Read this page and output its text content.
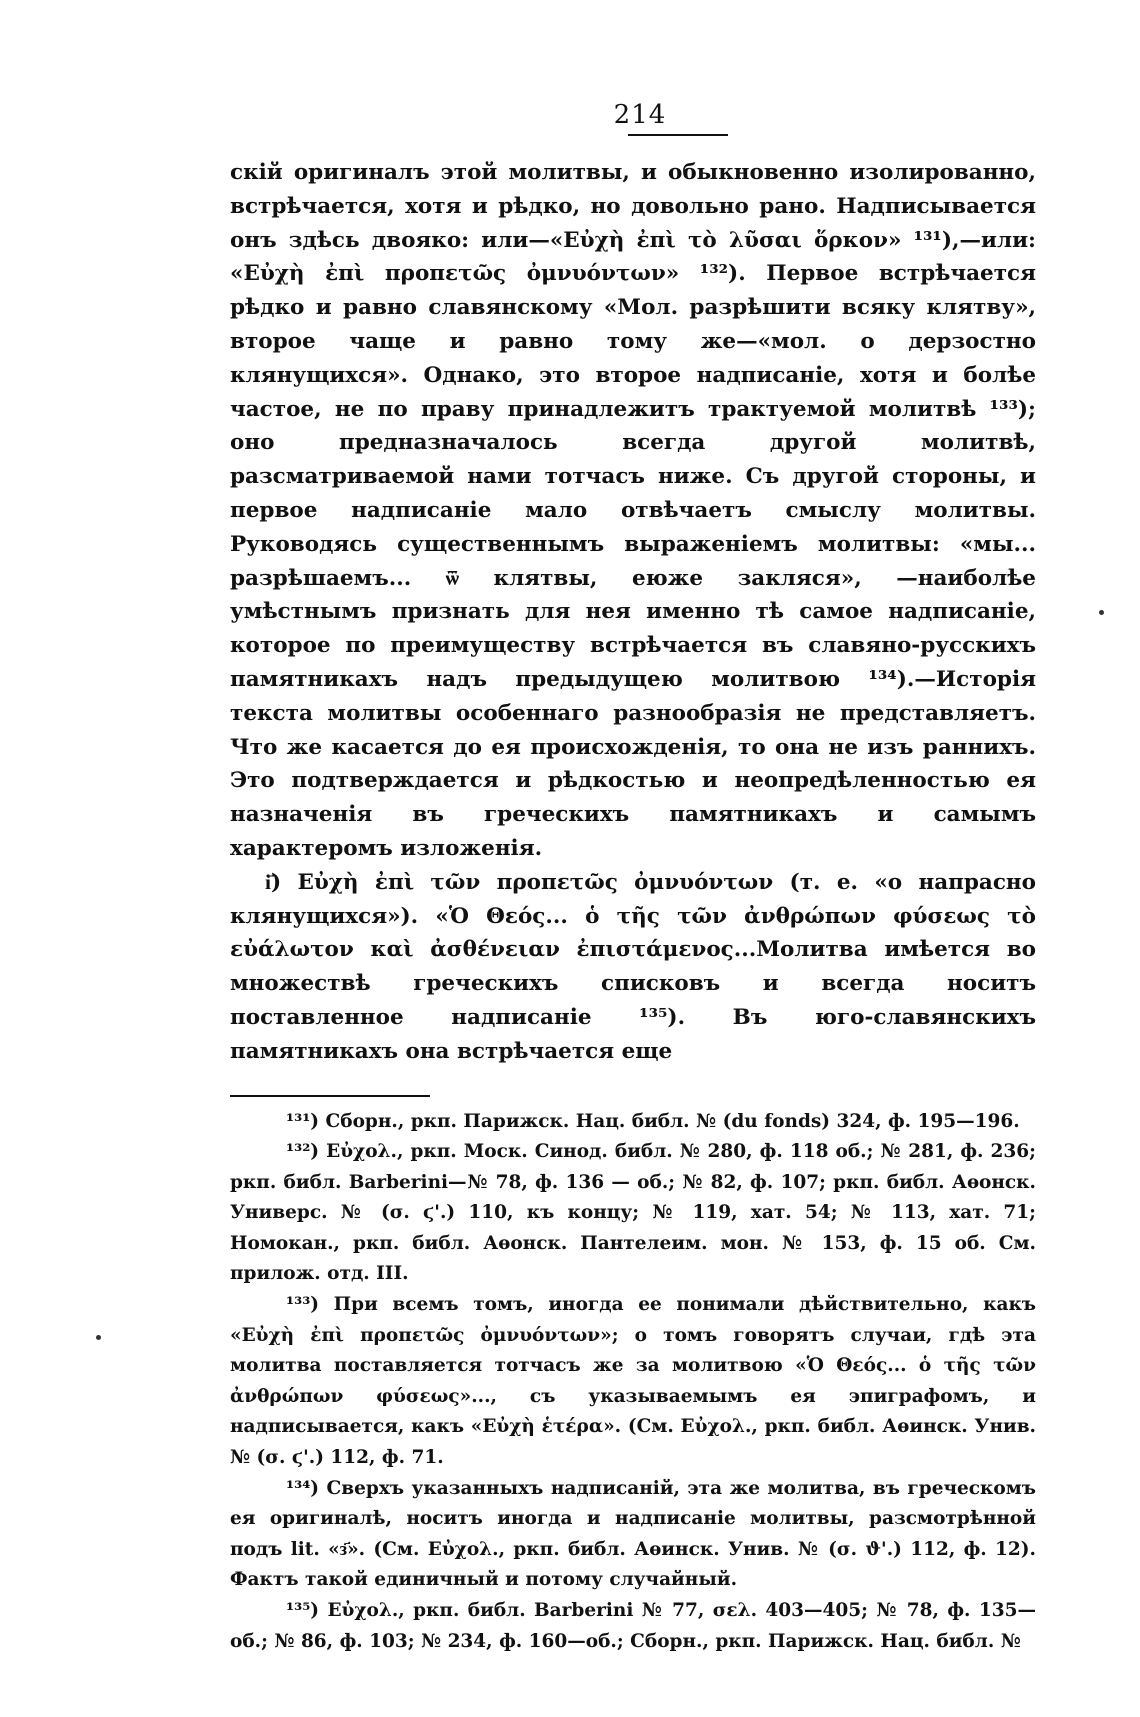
214

скій оригиналъ этой молитвы, и обыкновенно изолированно, встрѣчается, хотя и рѣдко, но довольно рано. Надписывается онъ здѣсь двояко: или—«Εὐχὴ ἐπὶ τὸ λῦσαι ὅρκον» ¹³¹),—или: «Εὐχὴ ἐπὶ προπετῶς ὀμνυόντων» ¹³²). Первое встрѣчается рѣдко и равно славянскому «Мол. разрѣшити всяку клятву», второе чаще и равно тому же—«мол. о дерзостно клянущихся». Однако, это второе надписаніе, хотя и болѣе частое, не по праву принадлежитъ трактуемой молитвѣ ¹³³); оно предназначалось всегда другой молитвѣ, разсматриваемой нами тотчасъ ниже. Съ другой стороны, и первое надписаніе мало отвѣчаетъ смыслу молитвы. Руководясь существеннымъ выраженіемъ молитвы: «мы... разрѣшаемъ... ѿ клятвы, еюже закляся», —наиболѣе умѣстнымъ признать для нея именно тѣ самое надписаніе, которое по преимуществу встрѣчается въ славяно-русскихъ памятникахъ надъ предыдущею молитвою ¹³⁴).—Исторія текста молитвы особеннаго разнообразія не представляетъ. Что же касается до ея происхожденія, то она не изъ раннихъ. Это подтверждается и рѣдкостью и неопредѣленностью ея назначенія въ греческихъ памятникахъ и самымъ характеромъ изложенія.

і҃) Εὐχὴ ἐπὶ τῶν προπετῶς ὀμνυόντων (т. е. «о напрасно клянущихся»). «Ὁ Θεός... ὁ τῆς τῶν ἀνθρώπων φύσεως τὸ εὐάλωτον καὶ ἀσθένειαν ἐπιστάμενος...Молитва имѣется во множествѣ греческихъ списковъ и всегда носитъ поставленное надписаніе ¹³⁵). Въ юго-славянскихъ памятникахъ она встрѣчается еще

¹³¹) Сборн., ркп. Парижск. Нац. библ. № (du fonds) 324, ф. 195—196.

¹³²) Εὐχολ., ркп. Моск. Синод. библ. № 280, ф. 118 об.; № 281, ф. 236; ркп. библ. Barberini—№ 78, ф. 136 — об.; № 82, ф. 107; ркп. библ. Аѳонск. Универс. № (σ. ϛ'.) 110, къ концу; № 119, хат. 54; № 113, хат. 71; Номокан., ркп. библ. Аѳонск. Пантелеим. мон. № 153, ф. 15 об. См. прилож. отд. III.

¹³³) При всемъ томъ, иногда ее понимали дѣйствительно, какъ «Εὐχὴ ἐπὶ προπετῶς ὀμνυόντων»; о томъ говорятъ случаи, гдѣ эта молитва поставляется тотчасъ же за молитвою «Ὁ Θεός... ὁ τῆς τῶν ἀνθρώπων φύσεως»..., съ указываемымъ ея эпиграфомъ, и надписывается, какъ «Εὐχὴ ἑτέρα». (См. Εὐχολ., ркп. библ. Аѳинск. Унив. № (σ. ϛ'.) 112, ф. 71.

¹³⁴) Сверхъ указанныхъ надписаній, эта же молитва, въ греческомъ ея оригиналѣ, носитъ иногда и надписаніе молитвы, разсмотрѣнной подъ lit. «з҃». (См. Εὐχολ., ркп. библ. Аѳинск. Унив. № (σ. ϑ'.) 112, ф. 12). Фактъ такой единичный и потому случайный.

¹³⁵) Εὐχολ., ркп. библ. Barberini № 77, σελ. 403—405; № 78, ф. 135—об.; № 86, ф. 103; № 234, ф. 160—об.; Сборн., ркп. Парижск. Нац. библ. №
